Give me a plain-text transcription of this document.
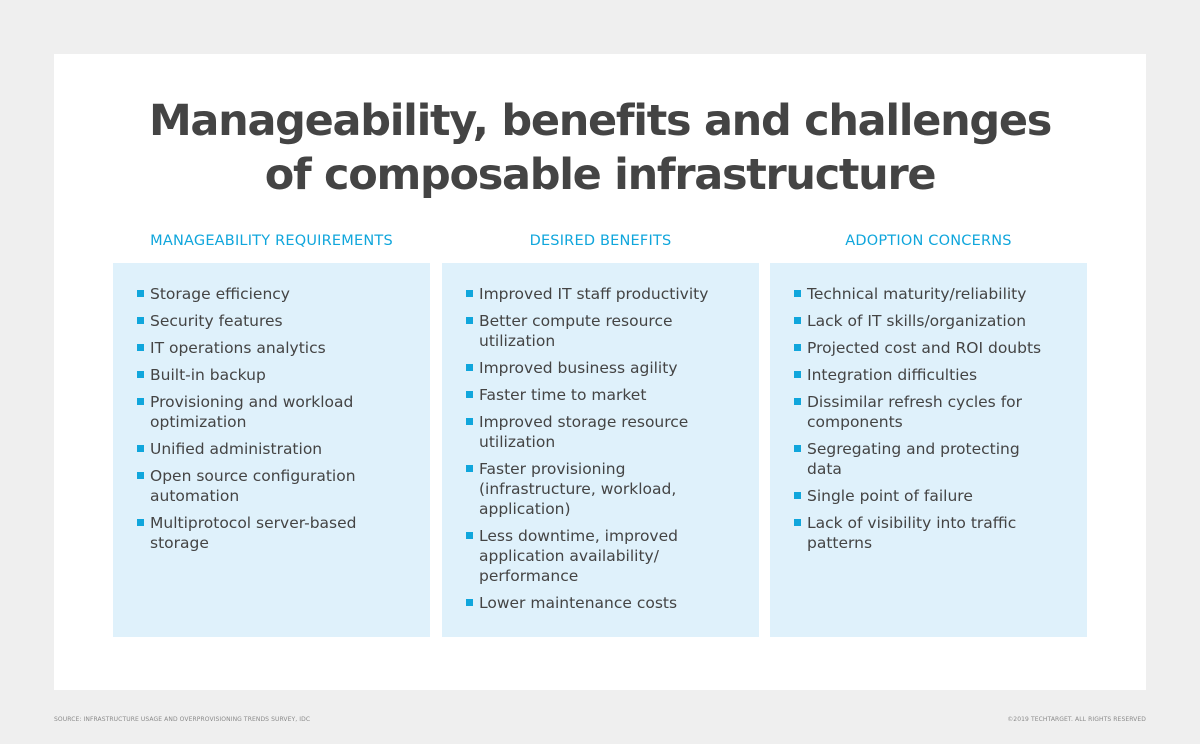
Manageability, benefits and challenges
of composable infrastructure
MANAGEABILITY REQUIREMENTS	DESIRED BENEFITS	ADOPTION CONCERNS
Storage efficiency
Security features
IT operations analytics
Built-in backup
Provisioning and workload optimization
Unified administration
Open source configuration automation
Multiprotocol server-based storage
Improved IT staff productivity
Better compute resource utilization
Improved business agility
Faster time to market
Improved storage resource utilization
Faster provisioning (infrastructure, workload, application)
Less downtime, improved application availability/ performance
Lower maintenance costs
Technical maturity/reliability
Lack of IT skills/organization
Projected cost and ROI doubts
Integration difficulties
Dissimilar refresh cycles for components
Segregating and protecting data
Single point of failure
Lack of visibility into traffic patterns
SOURCE: INFRASTRUCTURE USAGE AND OVERPROVISIONING TRENDS SURVEY, IDC	©2019 TECHTARGET. ALL RIGHTS RESERVED
